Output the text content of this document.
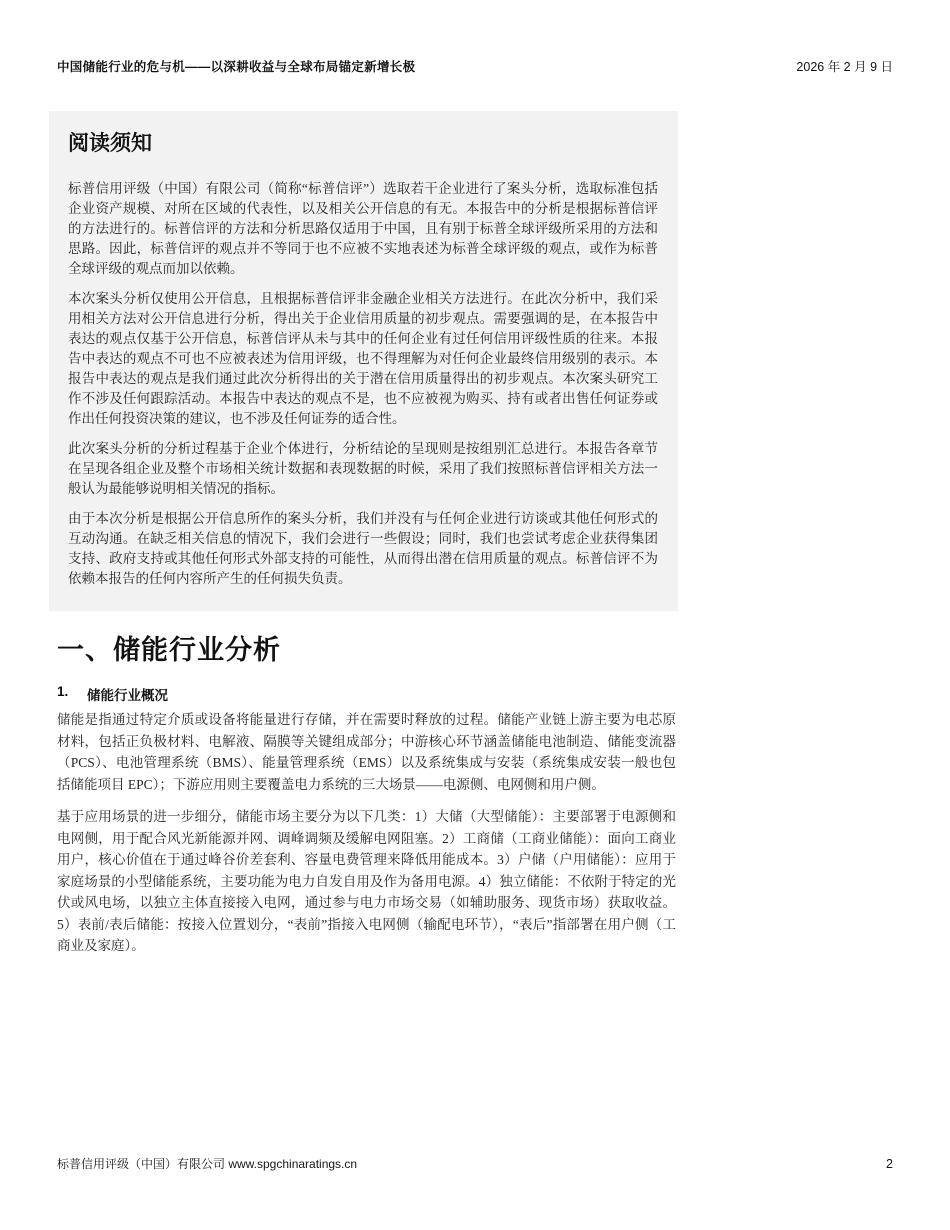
中国储能行业的危与机——以深耕收益与全球布局锚定新增长极	2026 年 2 月 9 日
阅读须知

标普信用评级（中国）有限公司（简称“标普信评”）选取若干企业进行了案头分析，选取标准包括企业资产规模、对所在区域的代表性，以及相关公开信息的有无。本报告中的分析是根据标普信评的方法进行的。标普信评的方法和分析思路仅适用于中国，且有别于标普全球评级所采用的方法和思路。因此，标普信评的观点并不等同于也不应被不实地表述为标普全球评级的观点，或作为标普全球评级的观点而加以依赖。

本次案头分析仅使用公开信息，且根据标普信评非金融企业相关方法进行。在此次分析中，我们采用相关方法对公开信息进行分析，得出关于企业信用质量的初步观点。需要强调的是，在本报告中表达的观点仅基于公开信息，标普信评从未与其中的任何企业有过任何信用评级性质的往来。本报告中表达的观点不可也不应被表述为信用评级，也不得理解为对任何企业最终信用级别的表示。本报告中表达的观点是我们通过此次分析得出的关于潜在信用质量得出的初步观点。本次案头研究工作不涉及任何跟踪活动。本报告中表达的观点不是，也不应被视为购买、持有或者出售任何证券或作出任何投资决策的建议，也不涉及任何证券的适合性。

此次案头分析的分析过程基于企业个体进行，分析结论的呈现则是按组别汇总进行。本报告各章节在呈现各组企业及整个市场相关统计数据和表现数据的时候，采用了我们按照标普信评相关方法一般认为最能够说明相关情况的指标。

由于本次分析是根据公开信息所作的案头分析，我们并没有与任何企业进行访谈或其他任何形式的互动沟通。在缺乏相关信息的情况下，我们会进行一些假设；同时，我们也尝试考虑企业获得集团支持、政府支持或其他任何形式外部支持的可能性，从而得出潜在信用质量的观点。标普信评不为依赖本报告的任何内容所产生的任何损失负责。

一、储能行业分析
1.	储能行业概况

储能是指通过特定介质或设备将能量进行存储，并在需要时释放的过程。储能产业链上游主要为电芯原材料，包括正负极材料、电解液、隔膜等关键组成部分；中游核心环节涵盖储能电池制造、储能变流器（PCS）、电池管理系统（BMS）、能量管理系统（EMS）以及系统集成与安装（系统集成安装一般也包括储能项目 EPC）；下游应用则主要覆盖电力系统的三大场景——电源侧、电网侧和用户侧。

基于应用场景的进一步细分，储能市场主要分为以下几类：1）大储（大型储能）：主要部署于电源侧和电网侧，用于配合风光新能源并网、调峰调频及缓解电网阻塞。2）工商储（工商业储能）：面向工商业用户，核心价值在于通过峰谷价差套利、容量电费管理来降低用能成本。3）户储（户用储能）：应用于家庭场景的小型储能系统，主要功能为电力自发自用及作为备用电源。4）独立储能：不依附于特定的光伏或风电场，以独立主体直接接入电网，通过参与电力市场交易（如辅助服务、现货市场）获取收益。5）表前/表后储能：按接入位置划分，“表前”指接入电网侧（输配电环节），“表后”指部署在用户侧（工商业及家庭）。

标普信用评级（中国）有限公司 www.spgchinaratings.cn	2
